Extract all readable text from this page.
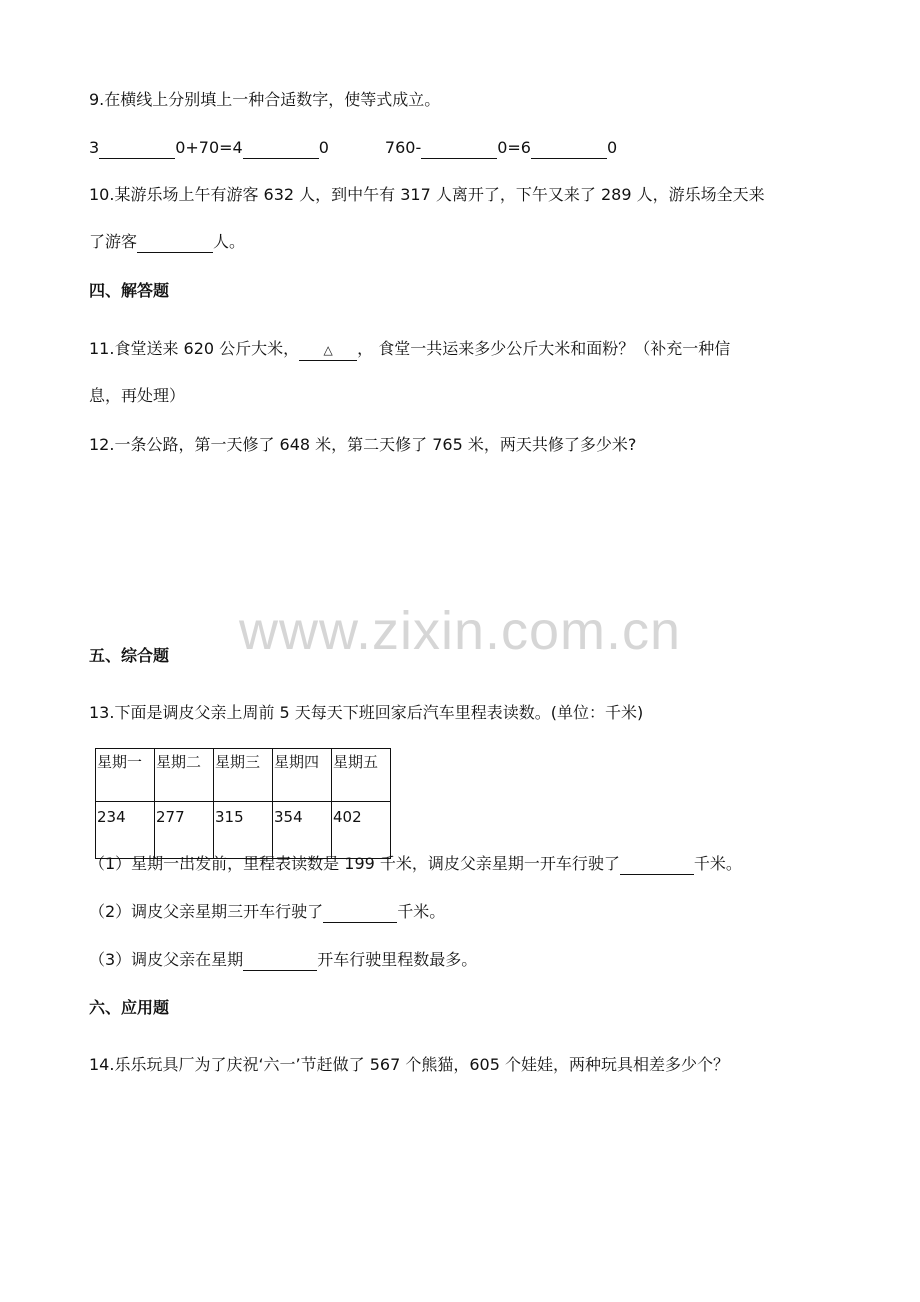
www.zixin.com.cn
9.在横线上分别填上一种合适数字，使等式成立。
3	0+70=4	0	760-	0=6	0
10.某游乐场上午有游客 632 人，到中午有 317 人离开了，下午又来了 289 人，游乐场全天来
了游客	人。
四、解答题
11.食堂送来 620 公斤大米， △ ， 食堂一共运来多少公斤大米和面粉？（补充一种信
息，再处理）
12.一条公路，第一天修了 648 米，第二天修了 765 米，两天共修了多少米?
五、综合题
13.下面是调皮父亲上周前 5 天每天下班回家后汽车里程表读数。(单位：千米)
星期一	星期二	星期三	星期四	星期五
234	277	315	354	402
（1）星期一出发前，里程表读数是 199 千米，调皮父亲星期一开车行驶了	千米。
（2）调皮父亲星期三开车行驶了	千米。
（3）调皮父亲在星期	开车行驶里程数最多。
六、应用题
14.乐乐玩具厂为了庆祝‘六一’节赶做了 567 个熊猫，605 个娃娃，两种玩具相差多少个？
